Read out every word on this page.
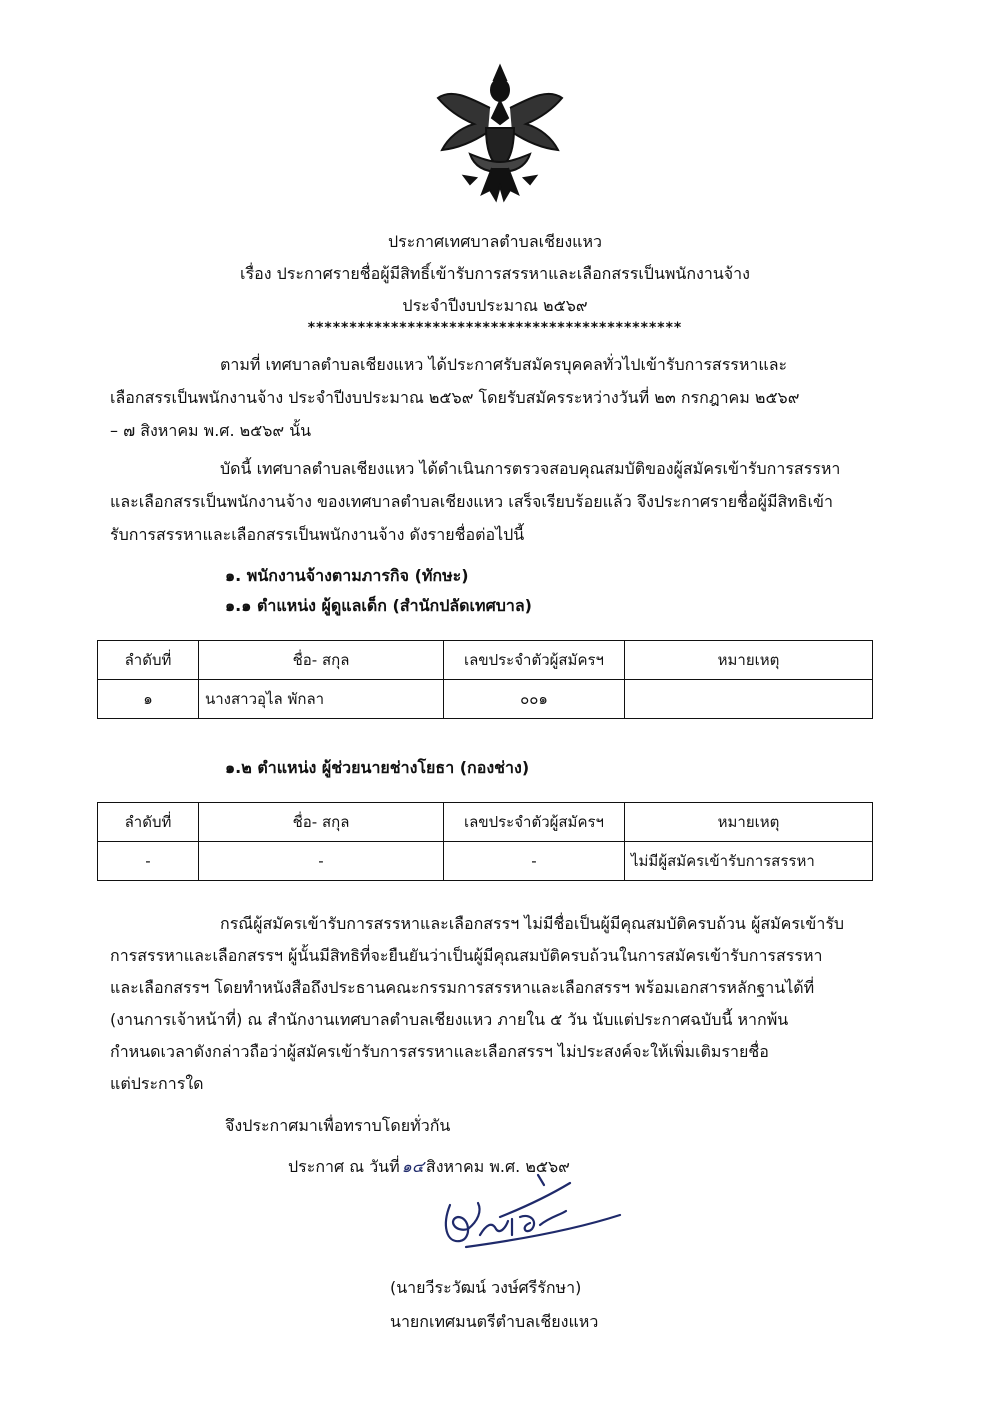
ประกาศเทศบาลตำบลเชียงแหว
เรื่อง ประกาศรายชื่อผู้มีสิทธิ์เข้ารับการสรรหาและเลือกสรรเป็นพนักงานจ้าง
ประจำปีงบประมาณ ๒๕๖๙
*********************************************
ตามที่ เทศบาลตำบลเชียงแหว ได้ประกาศรับสมัครบุคคลทั่วไปเข้ารับการสรรหาและ
เลือกสรรเป็นพนักงานจ้าง ประจำปีงบประมาณ ๒๕๖๙ โดยรับสมัครระหว่างวันที่ ๒๓ กรกฎาคม ๒๕๖๙
– ๗ สิงหาคม พ.ศ. ๒๕๖๙ นั้น
บัดนี้ เทศบาลตำบลเชียงแหว ได้ดำเนินการตรวจสอบคุณสมบัติของผู้สมัครเข้ารับการสรรหา
และเลือกสรรเป็นพนักงานจ้าง ของเทศบาลตำบลเชียงแหว เสร็จเรียบร้อยแล้ว จึงประกาศรายชื่อผู้มีสิทธิเข้า
รับการสรรหาและเลือกสรรเป็นพนักงานจ้าง ดังรายชื่อต่อไปนี้
๑. พนักงานจ้างตามภารกิจ (ทักษะ)
๑.๑ ตำแหน่ง ผู้ดูแลเด็ก (สำนักปลัดเทศบาล)
ลำดับที่	ชื่อ- สกุล	เลขประจำตัวผู้สมัครฯ	หมายเหตุ
๑	นางสาวอุไล พักลา	๐๐๑	
๑.๒ ตำแหน่ง ผู้ช่วยนายช่างโยธา (กองช่าง)
ลำดับที่	ชื่อ- สกุล	เลขประจำตัวผู้สมัครฯ	หมายเหตุ
-	-	-	ไม่มีผู้สมัครเข้ารับการสรรหา
กรณีผู้สมัครเข้ารับการสรรหาและเลือกสรรฯ ไม่มีชื่อเป็นผู้มีคุณสมบัติครบถ้วน ผู้สมัครเข้ารับ
การสรรหาและเลือกสรรฯ ผู้นั้นมีสิทธิที่จะยืนยันว่าเป็นผู้มีคุณสมบัติครบถ้วนในการสมัครเข้ารับการสรรหา
และเลือกสรรฯ โดยทำหนังสือถึงประธานคณะกรรมการสรรหาและเลือกสรรฯ พร้อมเอกสารหลักฐานได้ที่
(งานการเจ้าหน้าที่) ณ สำนักงานเทศบาลตำบลเชียงแหว ภายใน ๕ วัน นับแต่ประกาศฉบับนี้ หากพ้น
กำหนดเวลาดังกล่าวถือว่าผู้สมัครเข้ารับการสรรหาและเลือกสรรฯ ไม่ประสงค์จะให้เพิ่มเติมรายชื่อ
แต่ประการใด
จึงประกาศมาเพื่อทราบโดยทั่วกัน
ประกาศ ณ วันที่ ๑๔ สิงหาคม พ.ศ. ๒๕๖๙
(นายวีระวัฒน์ วงษ์ศรีรักษา)
นายกเทศมนตรีตำบลเชียงแหว
